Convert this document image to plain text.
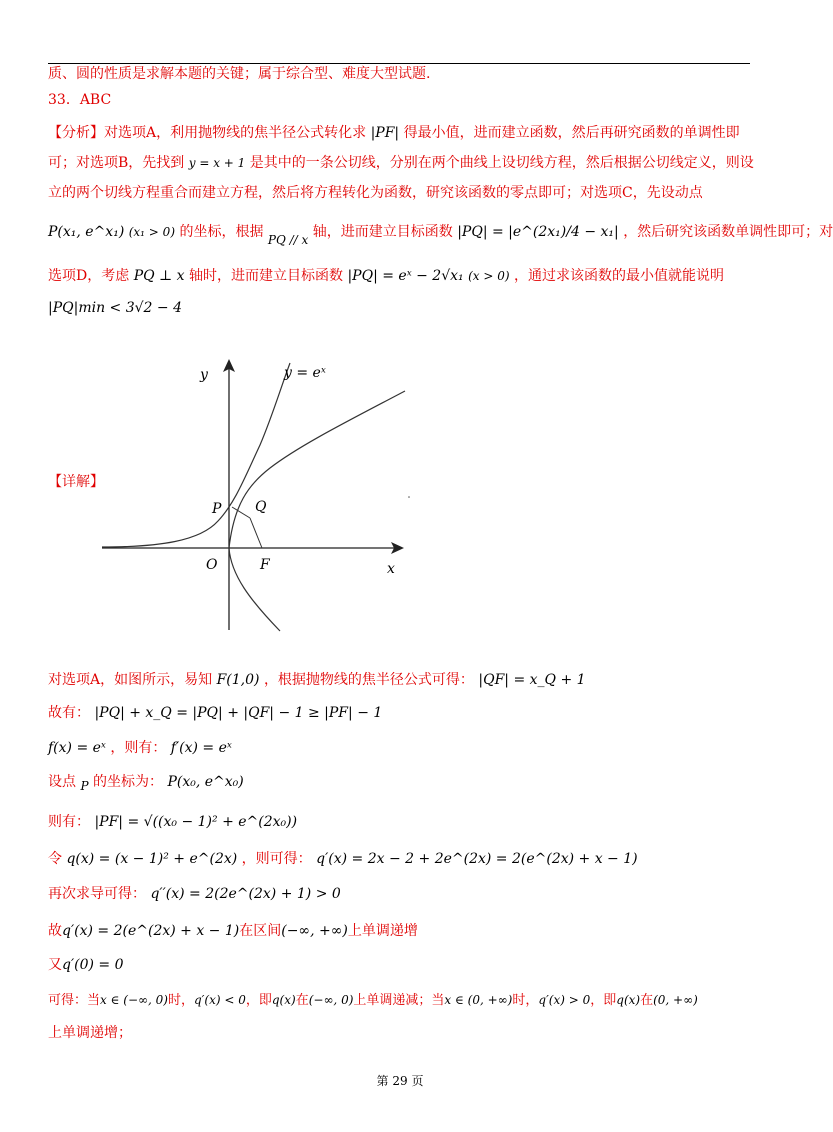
质、圆的性质是求解本题的关键；属于综合型、难度大型试题.
33．ABC
【分析】对选项A，利用抛物线的焦半径公式转化求 |PF| 得最小值，进而建立函数，然后再研究函数的单调性即
可；对选项B，先找到 y = x + 1 是其中的一条公切线，分别在两个曲线上设切线方程，然后根据公切线定义，则设
立的两个切线方程重合而建立方程，然后将方程转化为函数，研究该函数的零点即可；对选项C，先设动点
P(x₁, e^x₁) (x₁ > 0) 的坐标，根据 PQ // x 轴，进而建立目标函数 |PQ| = |e^(2x₁)/4 − x₁| ，然后研究该函数单调性即可；对
选项D，考虑 PQ ⊥ x 轴时，进而建立目标函数 |PQ| = eˣ − 2√x₁ (x > 0) ，通过求该函数的最小值就能说明
|PQ|min < 3√2 − 4
【详解】
y	y = eˣ
P Q
O	F	x
对选项A，如图所示，易知 F(1,0) ，根据抛物线的焦半径公式可得： |QF| = x_Q + 1
故有： |PQ| + x_Q = |PQ| + |QF| − 1 ≥ |PF| − 1
f(x) = eˣ ，则有： f′(x) = eˣ
设点 P 的坐标为： P(x₀, e^x₀)
则有： |PF| = √((x₀ − 1)² + e^(2x₀))
令 q(x) = (x − 1)² + e^(2x) ，则可得： q′(x) = 2x − 2 + 2e^(2x) = 2(e^(2x) + x − 1)
再次求导可得： q′′(x) = 2(2e^(2x) + 1) > 0
故q′(x) = 2(e^(2x) + x − 1)在区间(−∞, +∞)上单调递增
又q′(0) = 0
可得：当x ∈ (−∞, 0)时，q′(x) < 0，即q(x)在(−∞, 0)上单调递减；当x ∈ (0, +∞)时，q′(x) > 0，即q(x)在(0, +∞)
上单调递增；
第 29 页
